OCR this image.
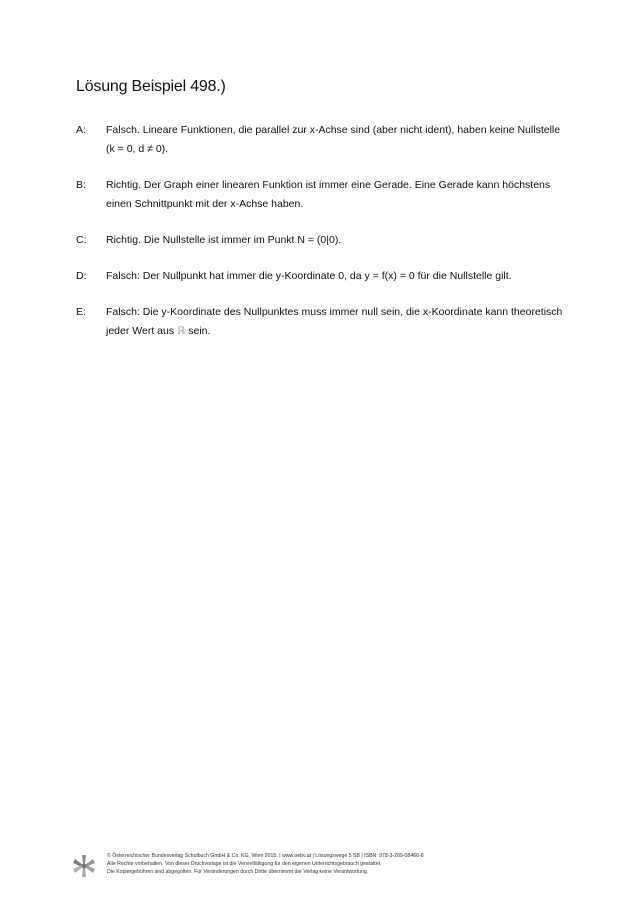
Lösung Beispiel 498.)
A:	Falsch. Lineare Funktionen, die parallel zur x-Achse sind (aber nicht ident), haben keine Nullstelle
(k = 0, d ≠ 0).
B:	Richtig. Der Graph einer linearen Funktion ist immer eine Gerade. Eine Gerade kann höchstens
einen Schnittpunkt mit der x-Achse haben.
C:	Richtig. Die Nullstelle ist immer im Punkt N = (0|0).
D:	Falsch: Der Nullpunkt hat immer die y-Koordinate 0, da y = f(x) = 0 für die Nullstelle gilt.
E:	Falsch: Die y-Koordinate des Nullpunktes muss immer null sein, die x-Koordinate kann theoretisch
jeder Wert aus ℝ sein.
© Österreichischer Bundesverlag Schulbuch GmbH & Co. KG, Wien 2015. | www.oebv.at | Lösungswege 5 SB | ISBN: 978-3-209-08466-8
Alle Rechte vorbehalten. Von dieser Druckvorlage ist die Vervielfältigung für den eigenen Unterrichtsgebrauch gestattet.
Die Kopiergebühren sind abgegolten. Für Veränderungen durch Dritte übernimmt der Verlag keine Verantwortung.
